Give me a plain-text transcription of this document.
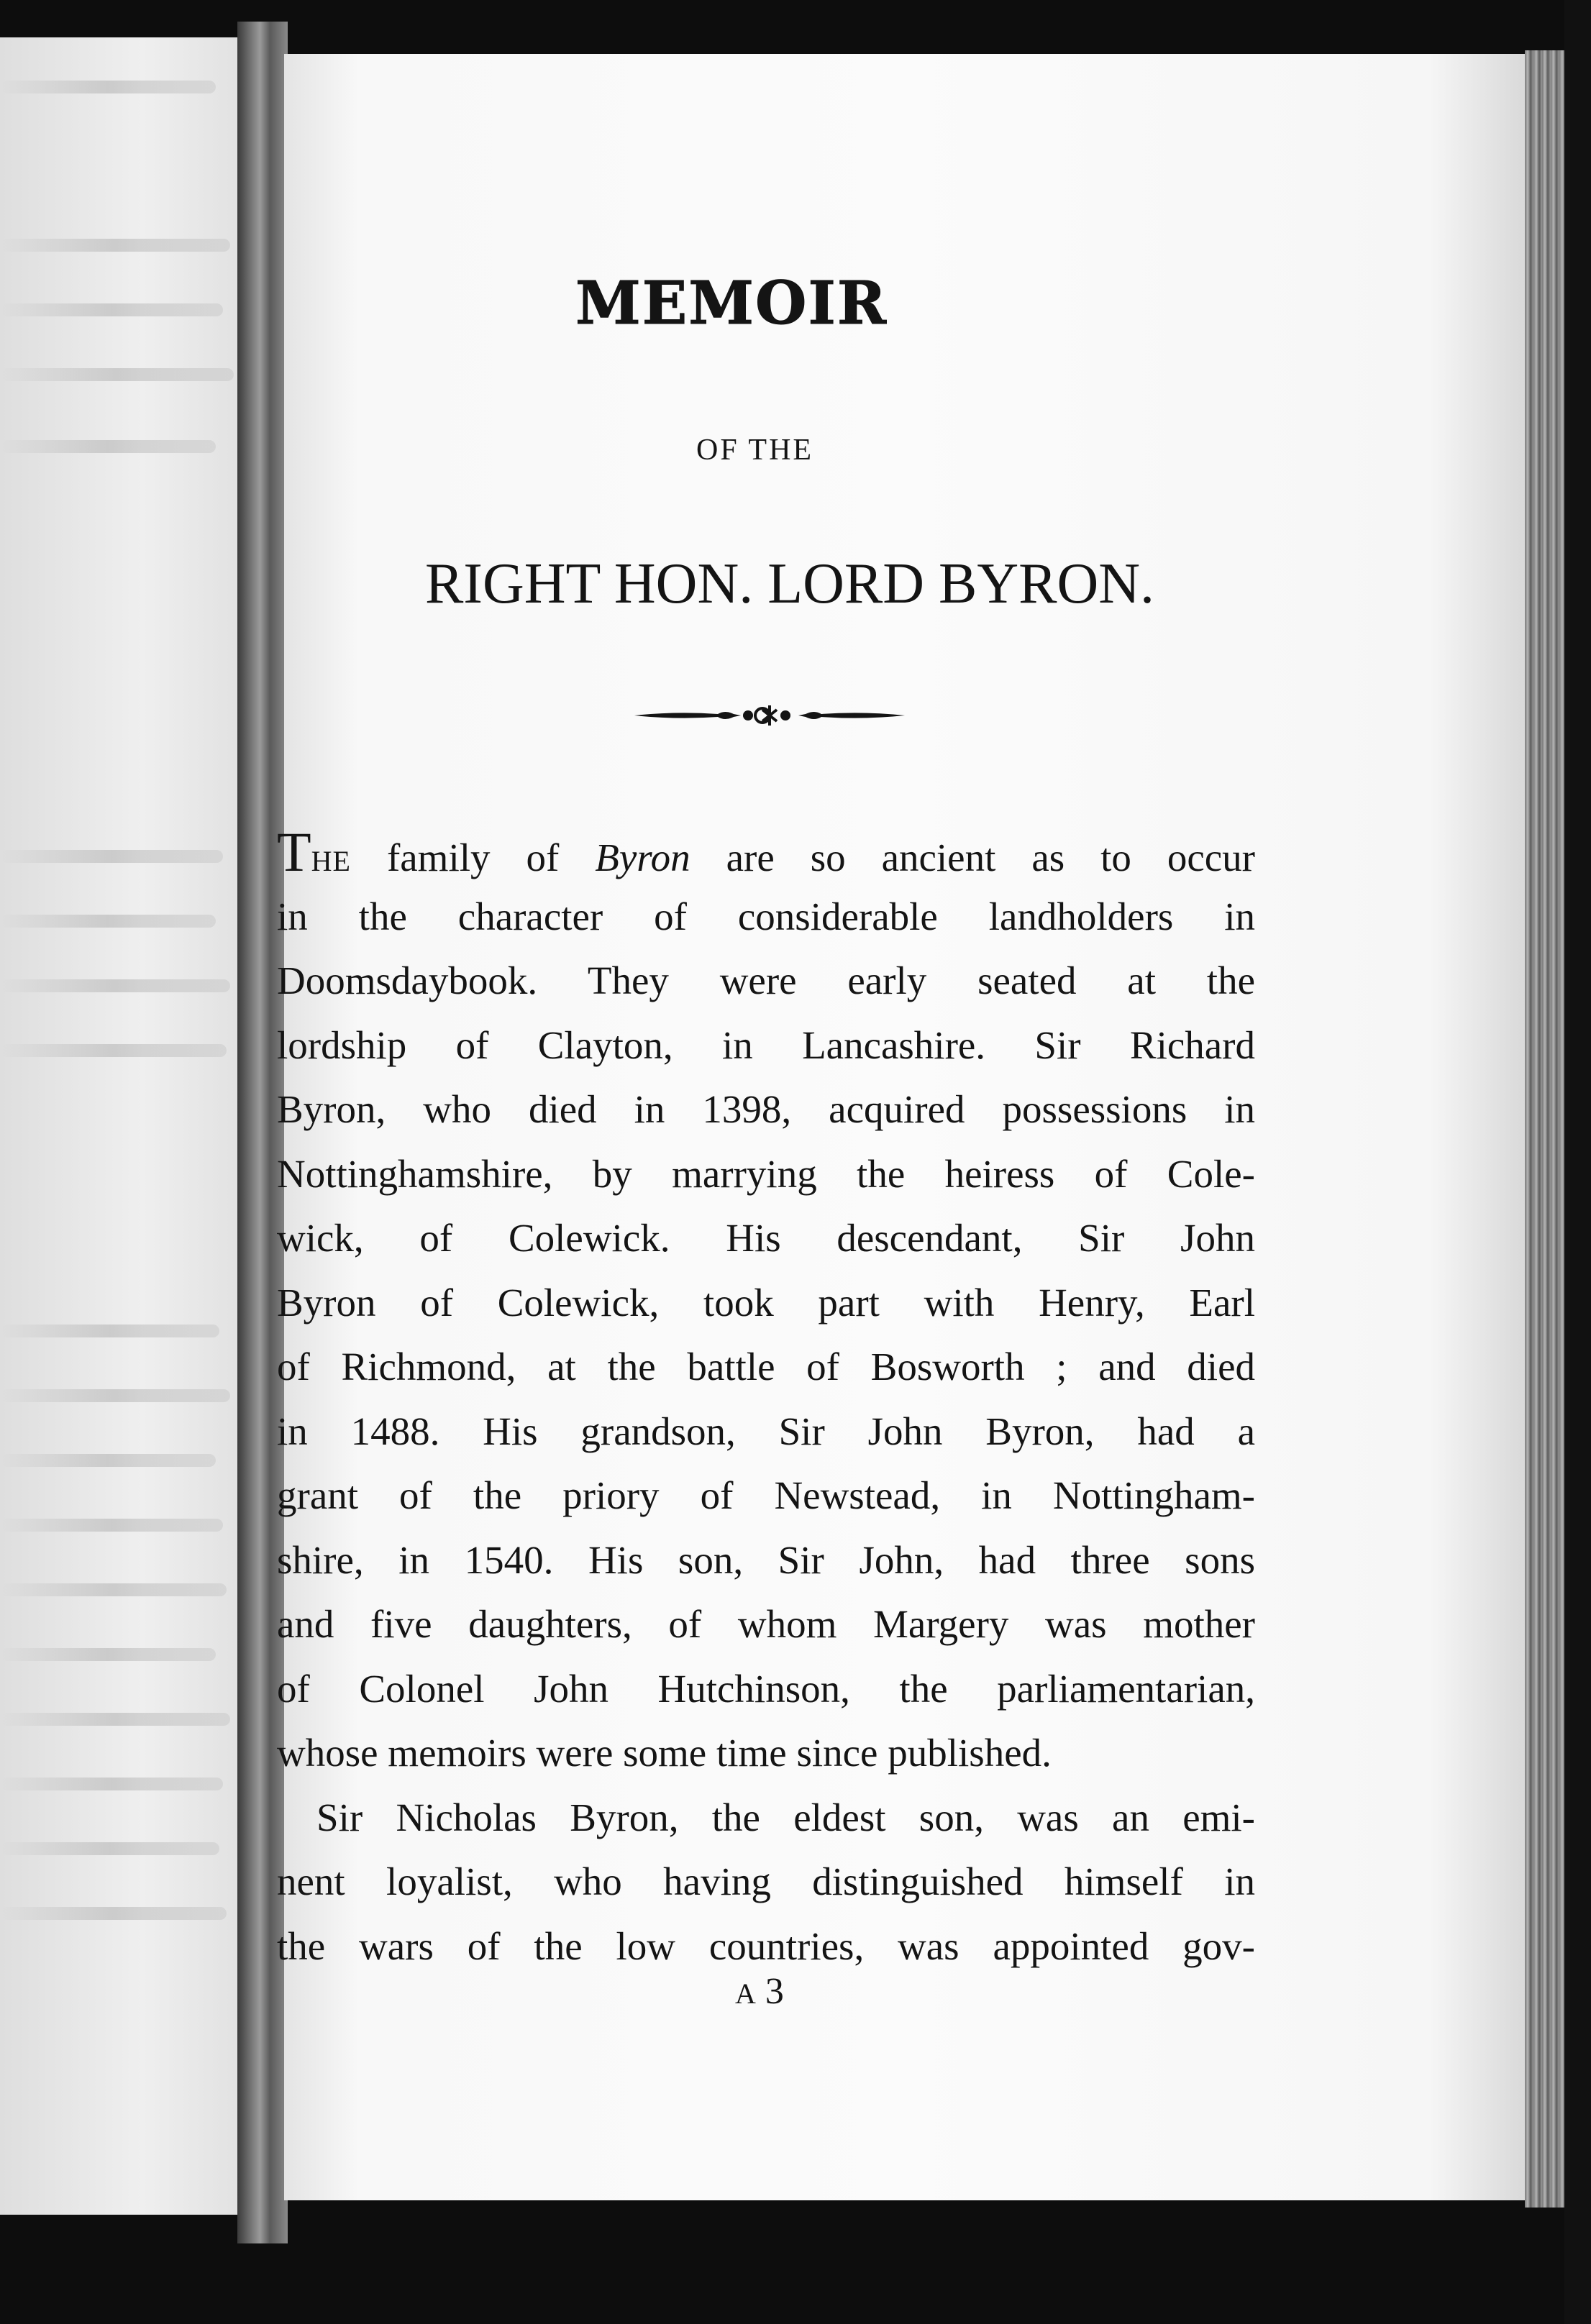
MEMOIR
OF THE
RIGHT HON. LORD BYRON.
THE family of Byron are so ancient as to occur
in the character of considerable landholders in
Doomsdaybook. They were early seated at the
lordship of Clayton, in Lancashire. Sir Richard
Byron, who died in 1398, acquired possessions in
Nottinghamshire, by marrying the heiress of Cole-
wick, of Colewick. His descendant, Sir John
Byron of Colewick, took part with Henry, Earl
of Richmond, at the battle of Bosworth ; and died
in 1488. His grandson, Sir John Byron, had a
grant of the priory of Newstead, in Nottingham-
shire, in 1540. His son, Sir John, had three sons
and five daughters, of whom Margery was mother
of Colonel John Hutchinson, the parliamentarian,
whose memoirs were some time since published.
Sir Nicholas Byron, the eldest son, was an emi-
nent loyalist, who having distinguished himself in
the wars of the low countries, was appointed gov-
A 3
